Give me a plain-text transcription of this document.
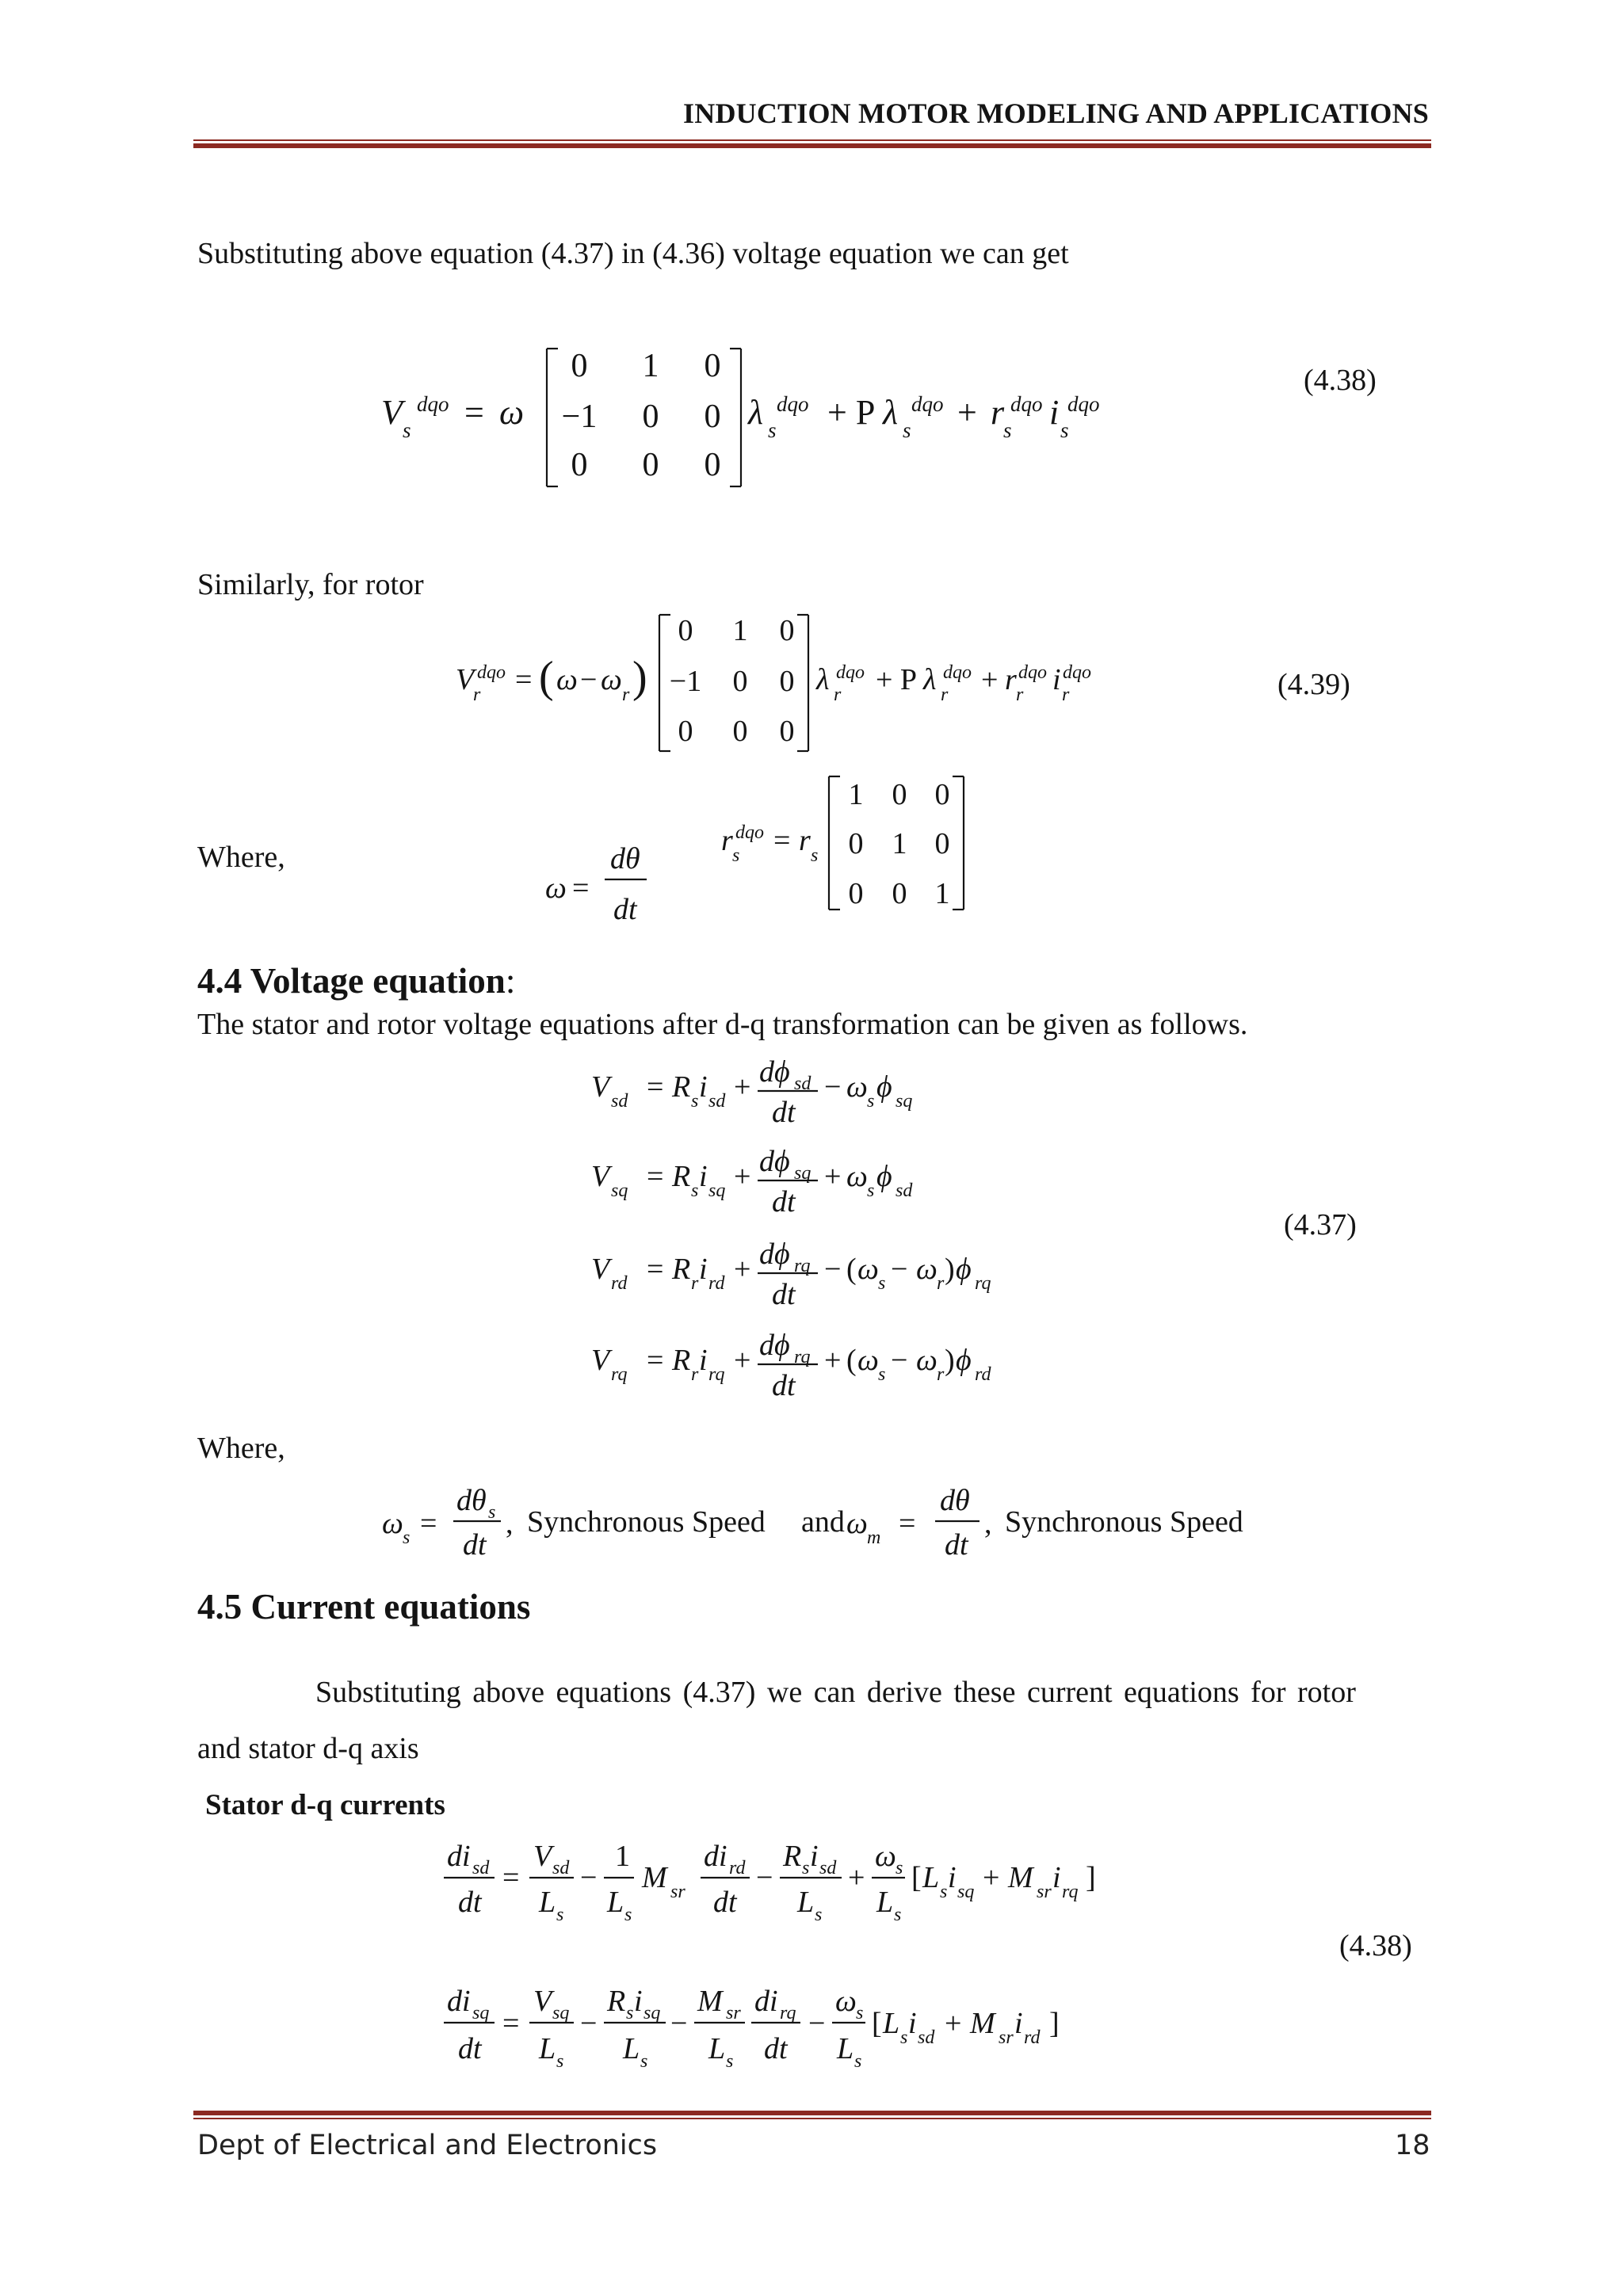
INDUCTION MOTOR MODELING AND APPLICATIONS
Substituting above equation (4.37) in (4.36) voltage equation we can get
V s
dqo = ω
0 1 0
−1 0 0
0 0 0
λ s
dqo + P λ s
dqo + r
s
dqo i s
dqo
(4.38)
Similarly, for rotor
V
r
dqo = ( ω − ω r )
0 1 0
−1 0 0
0 0 0
λ r
dqo + P λ r
dqo + r r
dqo i r
dqo	(4.39)
Where,
ω =
dθ
dt
r s
dqo = r s
1 0 0
0 1 0
0 0 1
4.4 Voltage equation:
The stator and rotor voltage equations after d-q transformation can be given as follows.
V sd = R s i sd + dϕ sd
dt
− ω s ϕ sq
V sq = R s i sq + dϕ sq
dt
+ ω s ϕ sd
V rd = R r i rd + dϕ rq
dt
− ( ω s − ω r ) ϕ rq
V rq = R r i rq + dϕ rq
dt
+ ( ω s − ω r ) ϕ rd
(4.37)
Where,
ω s =
dθ s
dt
,	ω m =
dθ
dt
,
Synchronous Speed and	Synchronous Speed
4.5 Current equations
Substituting above equations (4.37) we can derive these current equations for rotor
and stator d-q axis
Stator d-q currents
di sd
dt
=
V sd
L s
−
1
L s
M sr
di rd
dt
−
R s i sd
L s
+
ω s
L s
[ L s i sq + M sr i rq ]
di sq
dt
=
V sq
L s
−
R s i sq
L s
−
M sr
L s
di rq
dt
−
ω s
L s
[ L s i sd + M sr i rd ]
(4.38)
Dept of Electrical and Electronics	18
